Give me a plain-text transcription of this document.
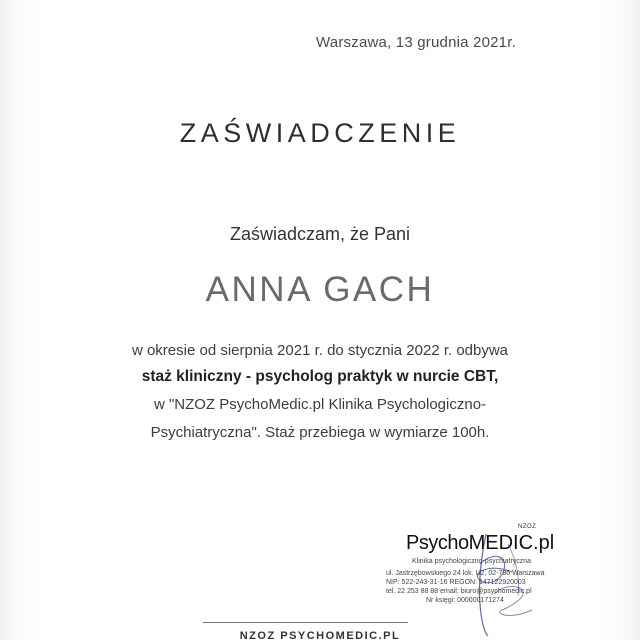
Warszawa, 13 grudnia 2021r.
ZAŚWIADCZENIE
Zaświadczam, że Pani
ANNA GACH
w okresie od sierpnia 2021 r. do stycznia 2022 r. odbywa
staż kliniczny - psycholog praktyk w nurcie CBT,
w "NZOZ PsychoMedic.pl Klinika Psychologiczno-
Psychiatryczna". Staż przebiega w wymiarze 100h.
NZOZ
PsychoMEDIC.pl
Klinika psychologiczno-psychiatryczna
ul. Jastrzębowskiego 24 lok. U2, 02-786 Warszawa
NIP: 522-243-31-16 REGON: 147122920003
tel. 22 253 88 88 email: biuro@psychomedic.pl
Nr księgi: 000000171274
NZOZ PSYCHOMEDIC.PL
